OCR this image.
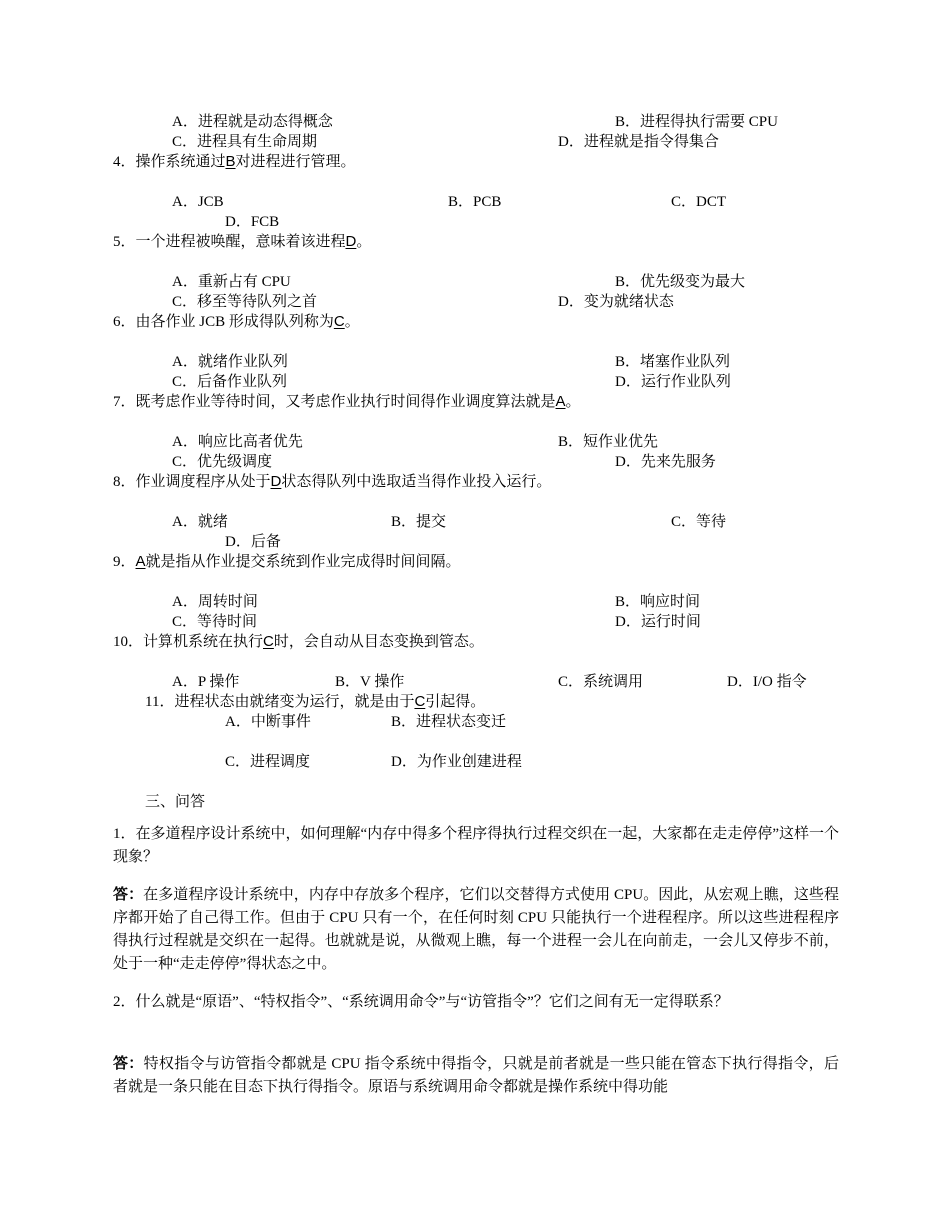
A．进程就是动态得概念	B．进程得执行需要 CPU
C．进程具有生命周期	D．进程就是指令得集合
4．操作系统通过B对进程进行管理。
A．JCB	B．PCB	C．DCT
D．FCB
5．一个进程被唤醒，意味着该进程D。
A．重新占有 CPU	B．优先级变为最大
C．移至等待队列之首	D．变为就绪状态
6．由各作业 JCB 形成得队列称为C。
A．就绪作业队列	B．堵塞作业队列
C．后备作业队列	D．运行作业队列
7．既考虑作业等待时间，又考虑作业执行时间得作业调度算法就是A。
A．响应比高者优先	B．短作业优先
C．优先级调度	D．先来先服务
8．作业调度程序从处于D状态得队列中选取适当得作业投入运行。
A．就绪	B．提交	C．等待
D．后备
9．A就是指从作业提交系统到作业完成得时间间隔。
A．周转时间	B．响应时间
C．等待时间	D．运行时间
10．计算机系统在执行C时，会自动从目态变换到管态。
A．P 操作	B．V 操作	C．系统调用	D．I/O 指令
11．进程状态由就绪变为运行，就是由于C引起得。
A．中断事件	B．进程状态变迁
C．进程调度	D．为作业创建进程
三、问答
1．在多道程序设计系统中，如何理解“内存中得多个程序得执行过程交织在一起，大家都在走走停停”这样一个现象？
答：在多道程序设计系统中，内存中存放多个程序，它们以交替得方式使用 CPU。因此，从宏观上瞧，这些程序都开始了自己得工作。但由于 CPU 只有一个，在任何时刻 CPU 只能执行一个进程程序。所以这些进程程序得执行过程就是交织在一起得。也就就是说，从微观上瞧，每一个进程一会儿在向前走，一会儿又停步不前，处于一种“走走停停”得状态之中。
2．什么就是“原语”、“特权指令”、“系统调用命令”与“访管指令”？它们之间有无一定得联系？
答：特权指令与访管指令都就是 CPU 指令系统中得指令，只就是前者就是一些只能在管态下执行得指令，后者就是一条只能在目态下执行得指令。原语与系统调用命令都就是操作系统中得功能
